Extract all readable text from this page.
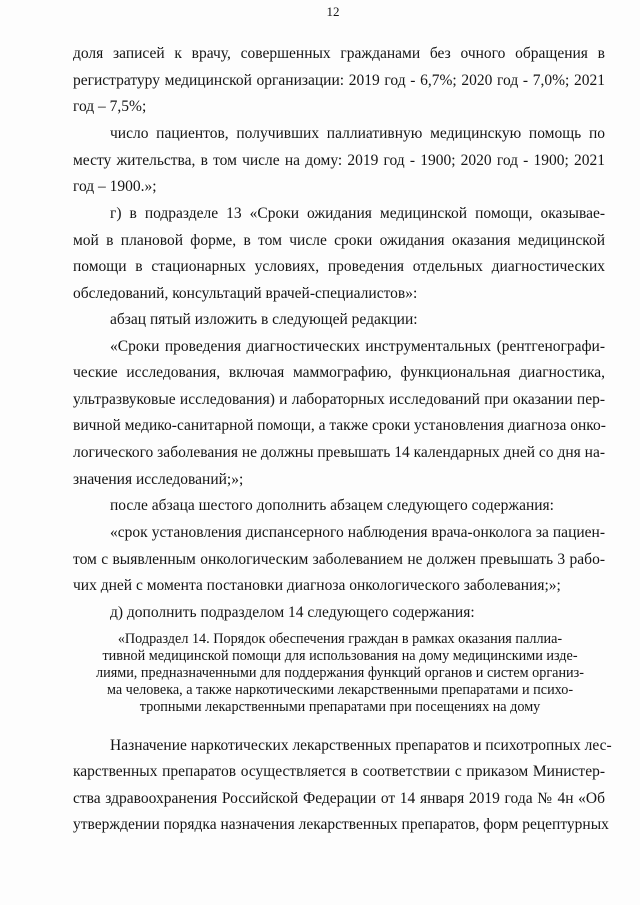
12
доля записей к врачу, совершенных гражданами без очного обращения в
регистратуру медицинской организации: 2019 год - 6,7%; 2020 год - 7,0%; 2021
год – 7,5%;
число пациентов, получивших паллиативную медицинскую помощь по
месту жительства, в том числе на дому: 2019 год - 1900; 2020 год - 1900; 2021
год – 1900.»;
г) в подразделе 13 «Сроки ожидания медицинской помощи, оказывае-
мой в плановой форме, в том числе сроки ожидания оказания медицинской
помощи в стационарных условиях, проведения отдельных диагностических
обследований, консультаций врачей-специалистов»:
абзац пятый изложить в следующей редакции:
«Сроки проведения диагностических инструментальных (рентгенографи-
ческие исследования, включая маммографию, функциональная диагностика,
ультразвуковые исследования) и лабораторных исследований при оказании пер-
вичной медико-санитарной помощи, а также сроки установления диагноза онко-
логического заболевания не должны превышать 14 календарных дней со дня на-
значения исследований;»;
после абзаца шестого дополнить абзацем следующего содержания:
«срок установления диспансерного наблюдения врача-онколога за пациен-
том с выявленным онкологическим заболеванием не должен превышать 3 рабо-
чих дней с момента постановки диагноза онкологического заболевания;»;
д) дополнить подразделом 14 следующего содержания:
«Подраздел 14. Порядок обеспечения граждан в рамках оказания паллиа-
тивной медицинской помощи для использования на дому медицинскими изде-
лиями, предназначенными для поддержания функций органов и систем организ-
ма человека, а также наркотическими лекарственными препаратами и психо-
тропными лекарственными препаратами при посещениях на дому
Назначение наркотических лекарственных препаратов и психотропных лес-
карственных препаратов осуществляется в соответствии с приказом Министер-
ства здравоохранения Российской Федерации от 14 января 2019 года № 4н «Об
утверждении порядка назначения лекарственных препаратов, форм рецептурных
